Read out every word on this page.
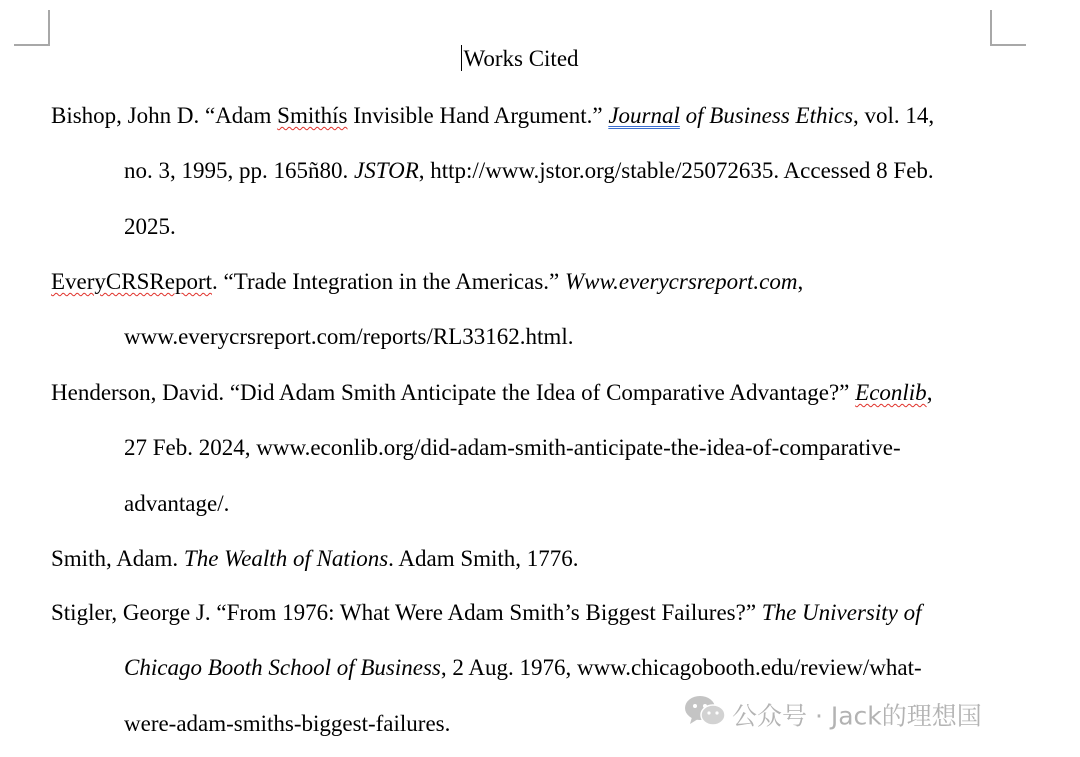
Works Cited
Bishop, John D. “Adam Smithís Invisible Hand Argument.” Journal of Business Ethics, vol. 14,
no. 3, 1995, pp. 165ñ80. JSTOR, http://www.jstor.org/stable/25072635. Accessed 8 Feb.
2025.
EveryCRSReport. “Trade Integration in the Americas.” Www.everycrsreport.com,
www.everycrsreport.com/reports/RL33162.html.
Henderson, David. “Did Adam Smith Anticipate the Idea of Comparative Advantage?” Econlib,
27 Feb. 2024, www.econlib.org/did-adam-smith-anticipate-the-idea-of-comparative-
advantage/.
Smith, Adam. The Wealth of Nations. Adam Smith, 1776.
Stigler, George J. “From 1976: What Were Adam Smith’s Biggest Failures?” The University of
Chicago Booth School of Business, 2 Aug. 1976, www.chicagobooth.edu/review/what-
were-adam-smiths-biggest-failures.	公众号 · Jack的理想国
